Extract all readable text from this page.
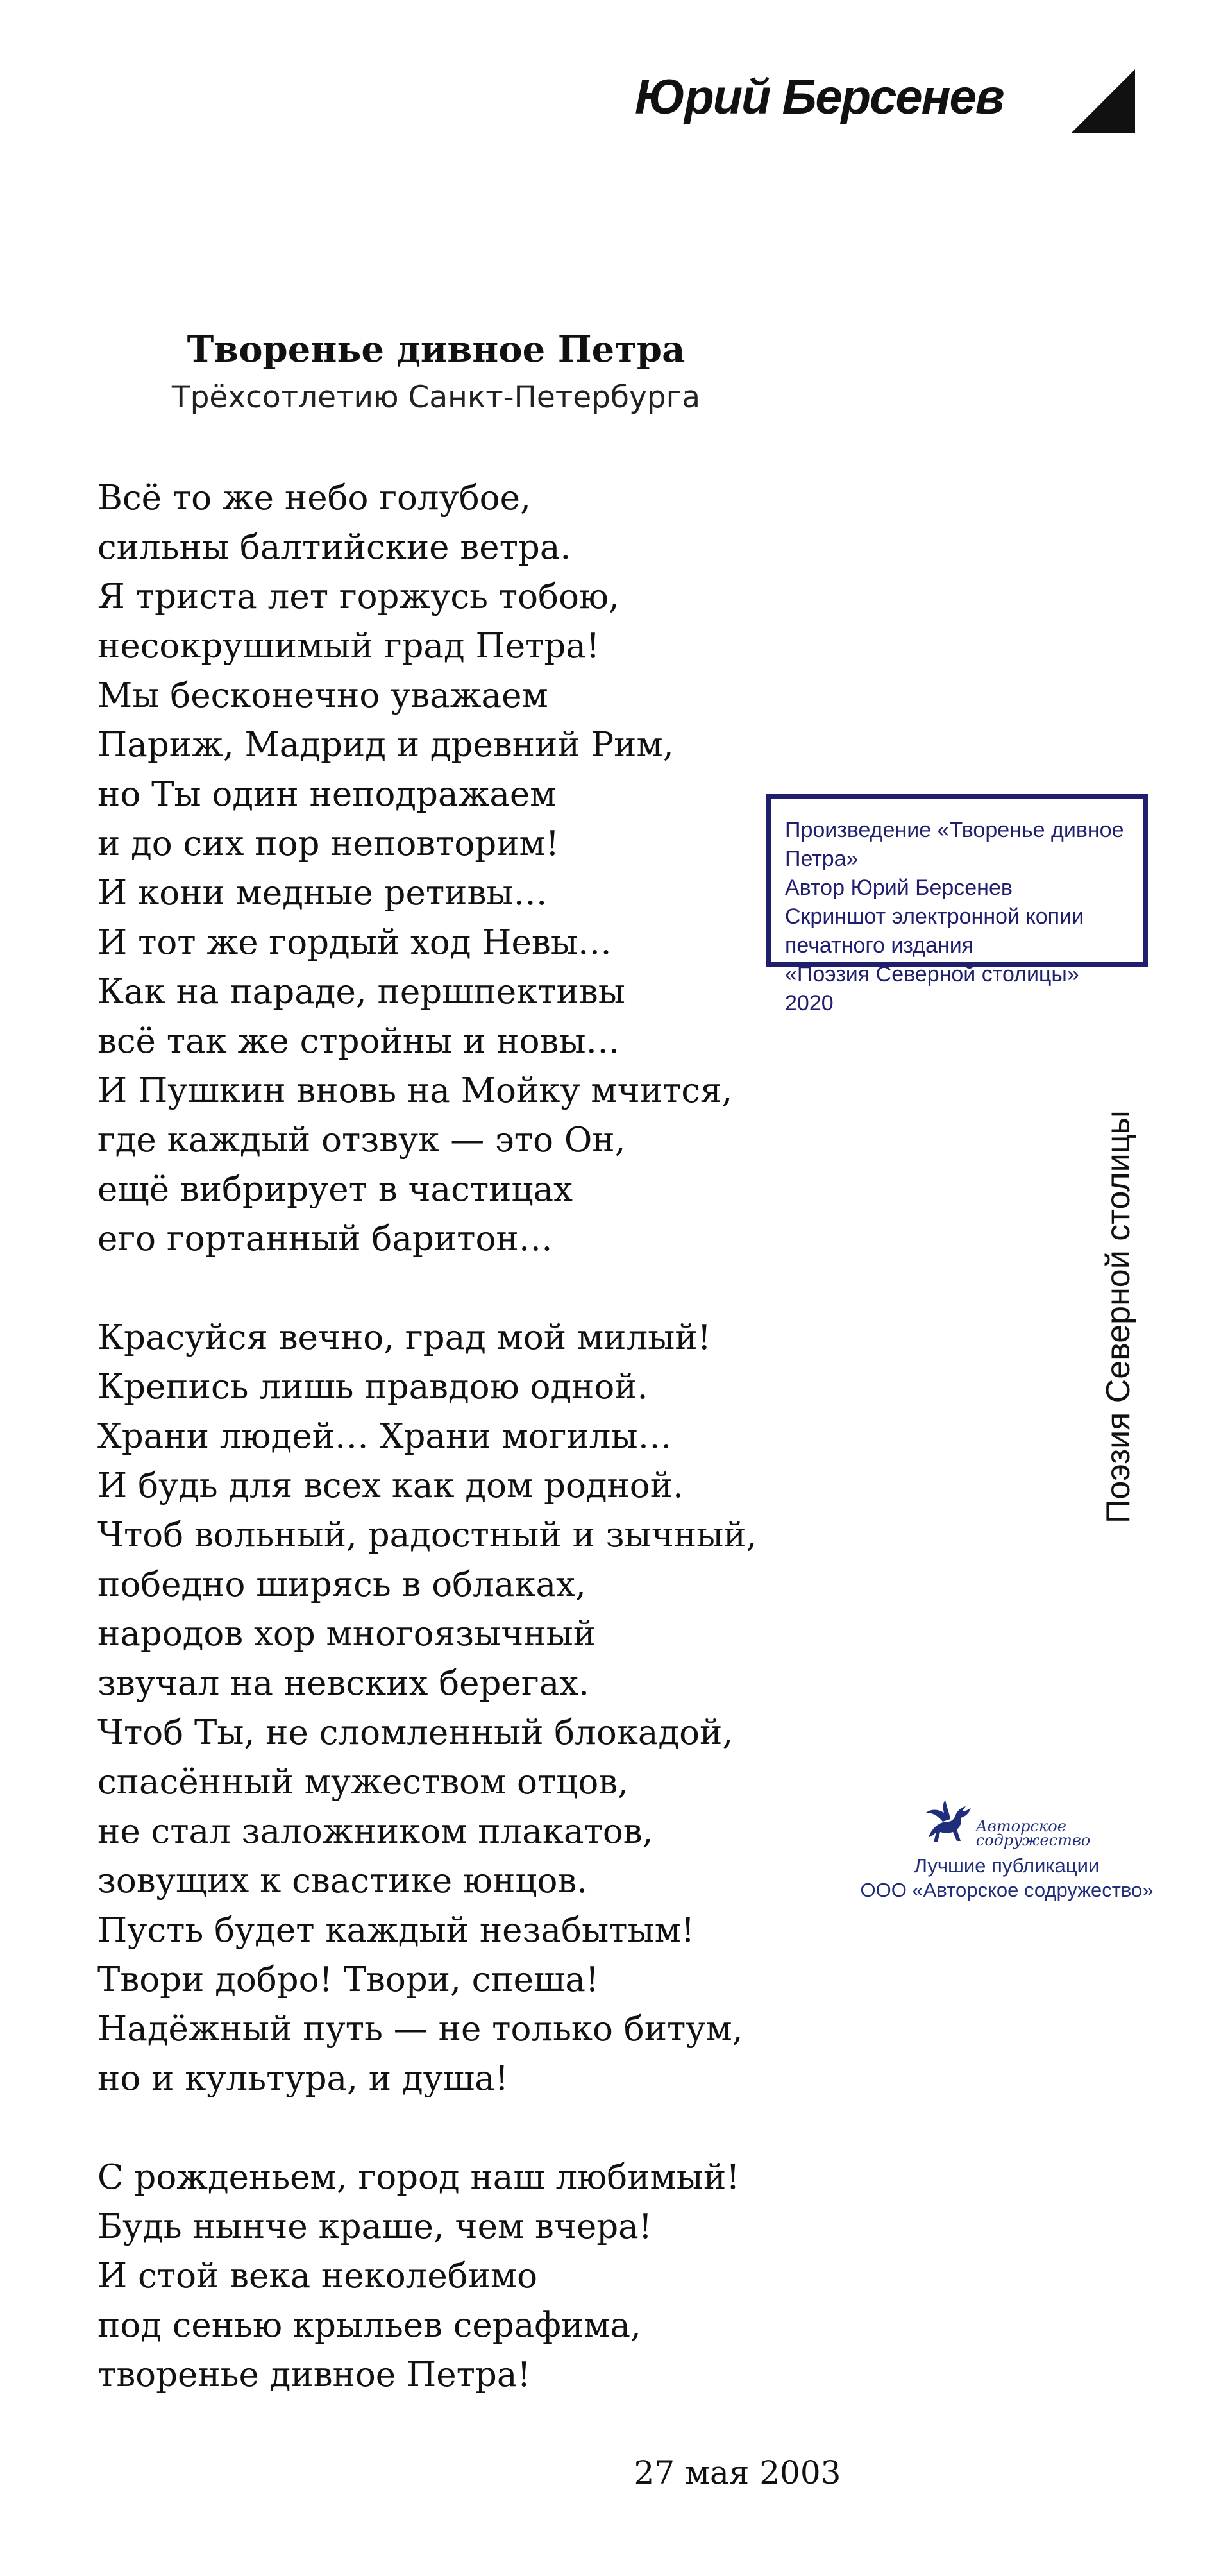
Юрий Берсенев
Творенье дивное Петра
Трёхсотлетию Санкт-Петербурга
Всё то же небо голубое,
сильны балтийские ветра.
Я триста лет горжусь тобою,
несокрушимый град Петра!
Мы бесконечно уважаем
Париж, Мадрид и древний Рим,
но Ты один неподражаем
и до сих пор неповторим!
И кони медные ретивы…
И тот же гордый ход Невы…
Как на параде, першпективы
всё так же стройны и новы…
И Пушкин вновь на Мойку мчится,
где каждый отзвук — это Он,
ещё вибрирует в частицах
его гортанный баритон…
Красуйся вечно, град мой милый!
Крепись лишь правдою одной.
Храни людей… Храни могилы…
И будь для всех как дом родной.
Чтоб вольный, радостный и зычный,
победно ширясь в облаках,
народов хор многоязычный
звучал на невских берегах.
Чтоб Ты, не сломленный блокадой,
спасённый мужеством отцов,
не стал заложником плакатов,
зовущих к свастике юнцов.
Пусть будет каждый незабытым!
Твори добро! Твори, спеша!
Надёжный путь — не только битум,
но и культура, и душа!
С рожденьем, город наш любимый!
Будь нынче краше, чем вчера!
И стой века неколебимо
под сенью крыльев серафима,
творенье дивное Петра!
27 мая 2003
Произведение «Творенье дивное
Петра»
Автор Юрий Берсенев
Скриншот электронной копии
печатного издания
«Поэзия Северной столицы» 2020
Поэзия Северной столицы
Авторское
содружество
Лучшие публикации
ООО «Авторское содружество»
